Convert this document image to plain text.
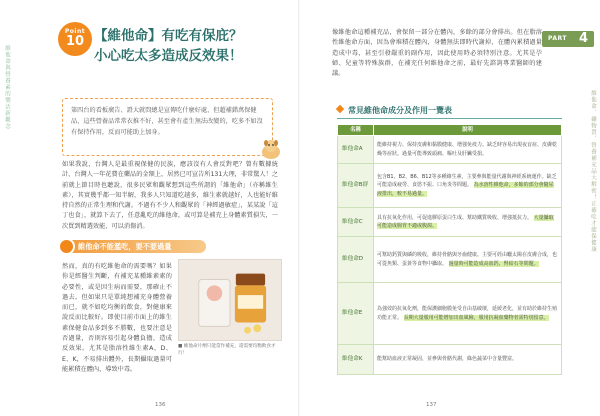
維他命與營養素的樂活新觀念
Point
10 【維他命】有吃有保庇？
小心吃太多造成反效果！

第四台的看板廣告、證大就問總是宣傳吃什麼好處，但超補錯萬保健品，這些營養品常常衣推不好，甚至會有產生無法改變的，吃多不如沒有保持作用，反而可能助上加身。

如果我說，台灣人是最重視保健的民族，應該沒有人會反對吧？曾有數據統計，台灣人一年花費在藥品的金額上，居然已可宣告所131大理，非常驚人！之前就上節目時也聽說，很多民眾和觀眾想到這些所謂的「維他命」（亦稱維生素），其實幾乎都一知半解，我多人只知道吃越多，維生素就越好，人也能好維持自然的正常生理和代謝。不過有不少人和觀眾的「神經過敏症」，某某說「這丁也食」，就算下去了，任意亂吃的維他命，或可算是補充上身體素質損失，一次買到精選效能，可以消傷消。
維他命不能濫吃，要不要過量
然而，真的有吃維他命的需要嗎？如果你是經醫生判斷，有補充某種維素素的必要性，或是因生病而需要，那確止不過去。但如果只是單純想補充身體營養而已，就不如吃均衡的飲食，對健康來說反而比較好。即使目前市面上的維生素保健食品多到多不勝數，也要注意是否過量，否則容易引起身體負擔，造成反效果。尤其是脂溶性維生素A、D、E、K，不易排出體外，長期攝取過量可能累積在體內，導致中毒。
■ 維他命片劑只能當作補充，還需要均衡飲食才行！
136
PART 4
維他命、礦物質、營養補充品大解密！正確吃才能保健康
像維他命這種補充品，會保留一部分在體內，多餘的部分會排出。但在脂溶性維他命方面，因為會堆積在體內，身體無法即時代謝掉，在體內累積過量造成中毒，甚至引發嚴重的副作用，因此使用時必須特別注意。尤其是孕婦、兒童等特殊族群，在補充任何維他命之前，最好先諮詢專業醫師的建議。
常見維他命成分及作用一覽表
名稱	說明
維他命A	能維持視力、保持皮膚和黏膜健康、增強免疫力。缺乏時容易出現夜盲症、皮膚乾燥等症狀。過量可能導致頭痛、嘔吐及肝臟受損。
維他命B群	包含B1、B2、B6、B12等多種維生素，主要參與能量代謝與神經系統運作。缺乏可能造成疲勞、食慾不振、口角炎等問題。 為水溶性維他命，多餘的部分會隨尿液排出，較不易過量。
維他命C	具有抗氧化作用，可促進膠原蛋白生成、幫助鐵質吸收、增強抵抗力。 大量攝取可能造成腸胃不適或腹瀉。
維他命D	可幫助鈣質與磷的吸收，維持骨骼與牙齒健康。主要可經由曬太陽在皮膚合成，也可從魚類、蛋黃等食物中攝取。 過量時可能造成高血鈣、腎結石等問題。
維他命E	為強效的抗氧化劑，能保護細胞膜免受自由基破壞，延緩老化，並有助於維持生殖功能正常。 長期大量服用可能增加出血風險，服用抗凝血藥物者需特別留意。
維他命K	能幫助血液正常凝固，並參與骨骼代謝，綠色蔬菜中含量豐富。
137
